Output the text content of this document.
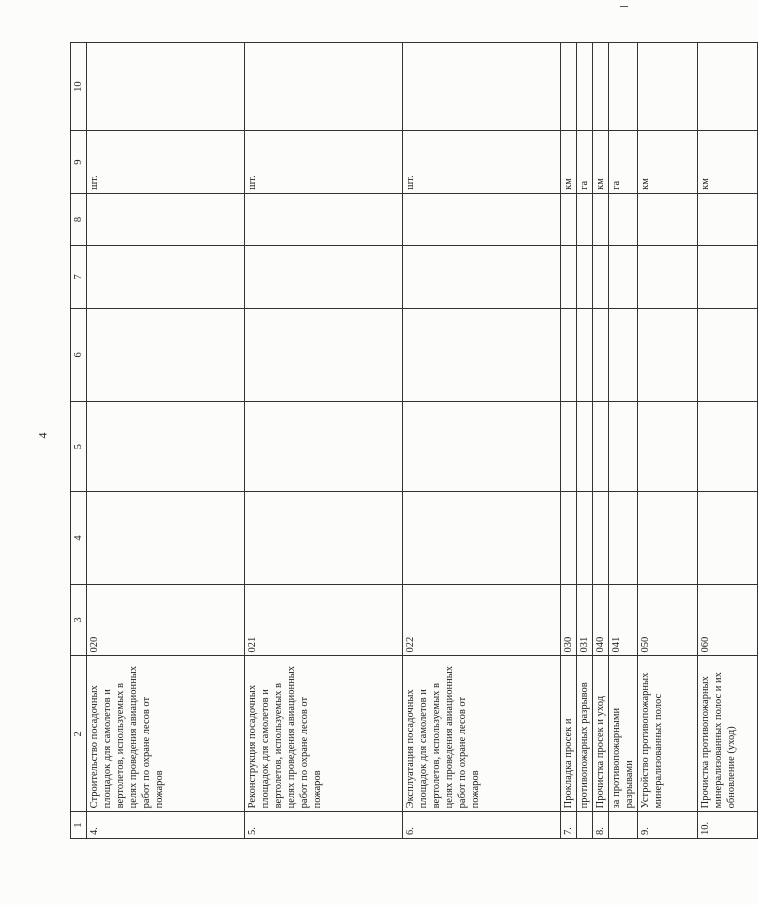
4
1	2	3	4	5	6	7	8	9	10
4.	Строительство посадочных площадок для самолетов и вертолетов, используемых в целях проведения авиационных работ по охране лесов от пожаров	020						шт.	
5.	Реконструкция посадочных площадок для самолетов и вертолетов, используемых в целях проведения авиационных работ по охране лесов от пожаров	021						шт.	
6.	Эксплуатация посадочных площадок для самолетов и вертолетов, используемых в целях проведения авиационных работ по охране лесов от пожаров	022						шт.	
7.	Прокладка просек и	030						км	
	противопожарных разрывов	031						га	
8.	Прочистка просек и уход	040						км	
	за противопожарными разрывами	041						га	
9.	Устройство противопожарных минерализованных полос	050						км	
10.	Прочистка противопожарных минерализованных полос и их обновление (уход)	060						км	
